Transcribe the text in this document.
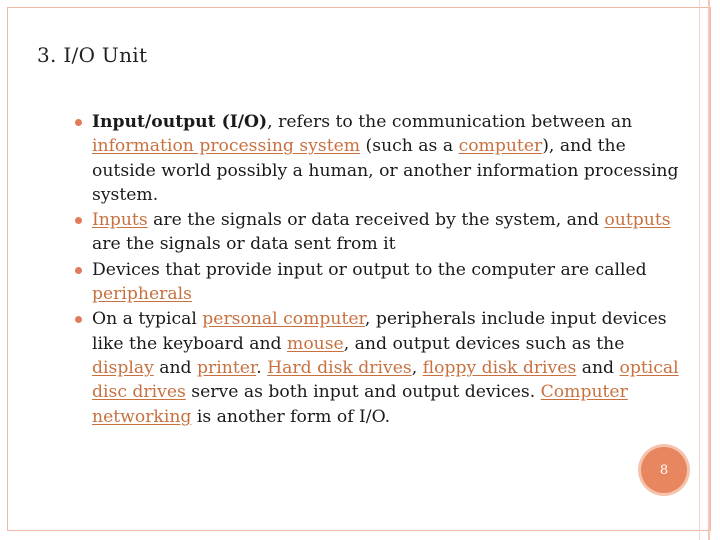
3. I/O Unit
Input/output (I/O), refers to the communication between an information processing system (such as a computer), and the outside world possibly a human, or another information processing system.
Inputs are the signals or data received by the system, and outputs are the signals or data sent from it
Devices that provide input or output to the computer are called peripherals
On a typical personal computer, peripherals include input devices like the keyboard and mouse, and output devices such as the display and printer. Hard disk drives, floppy disk drives and optical disc drives serve as both input and output devices. Computer networking is another form of I/O.
8
